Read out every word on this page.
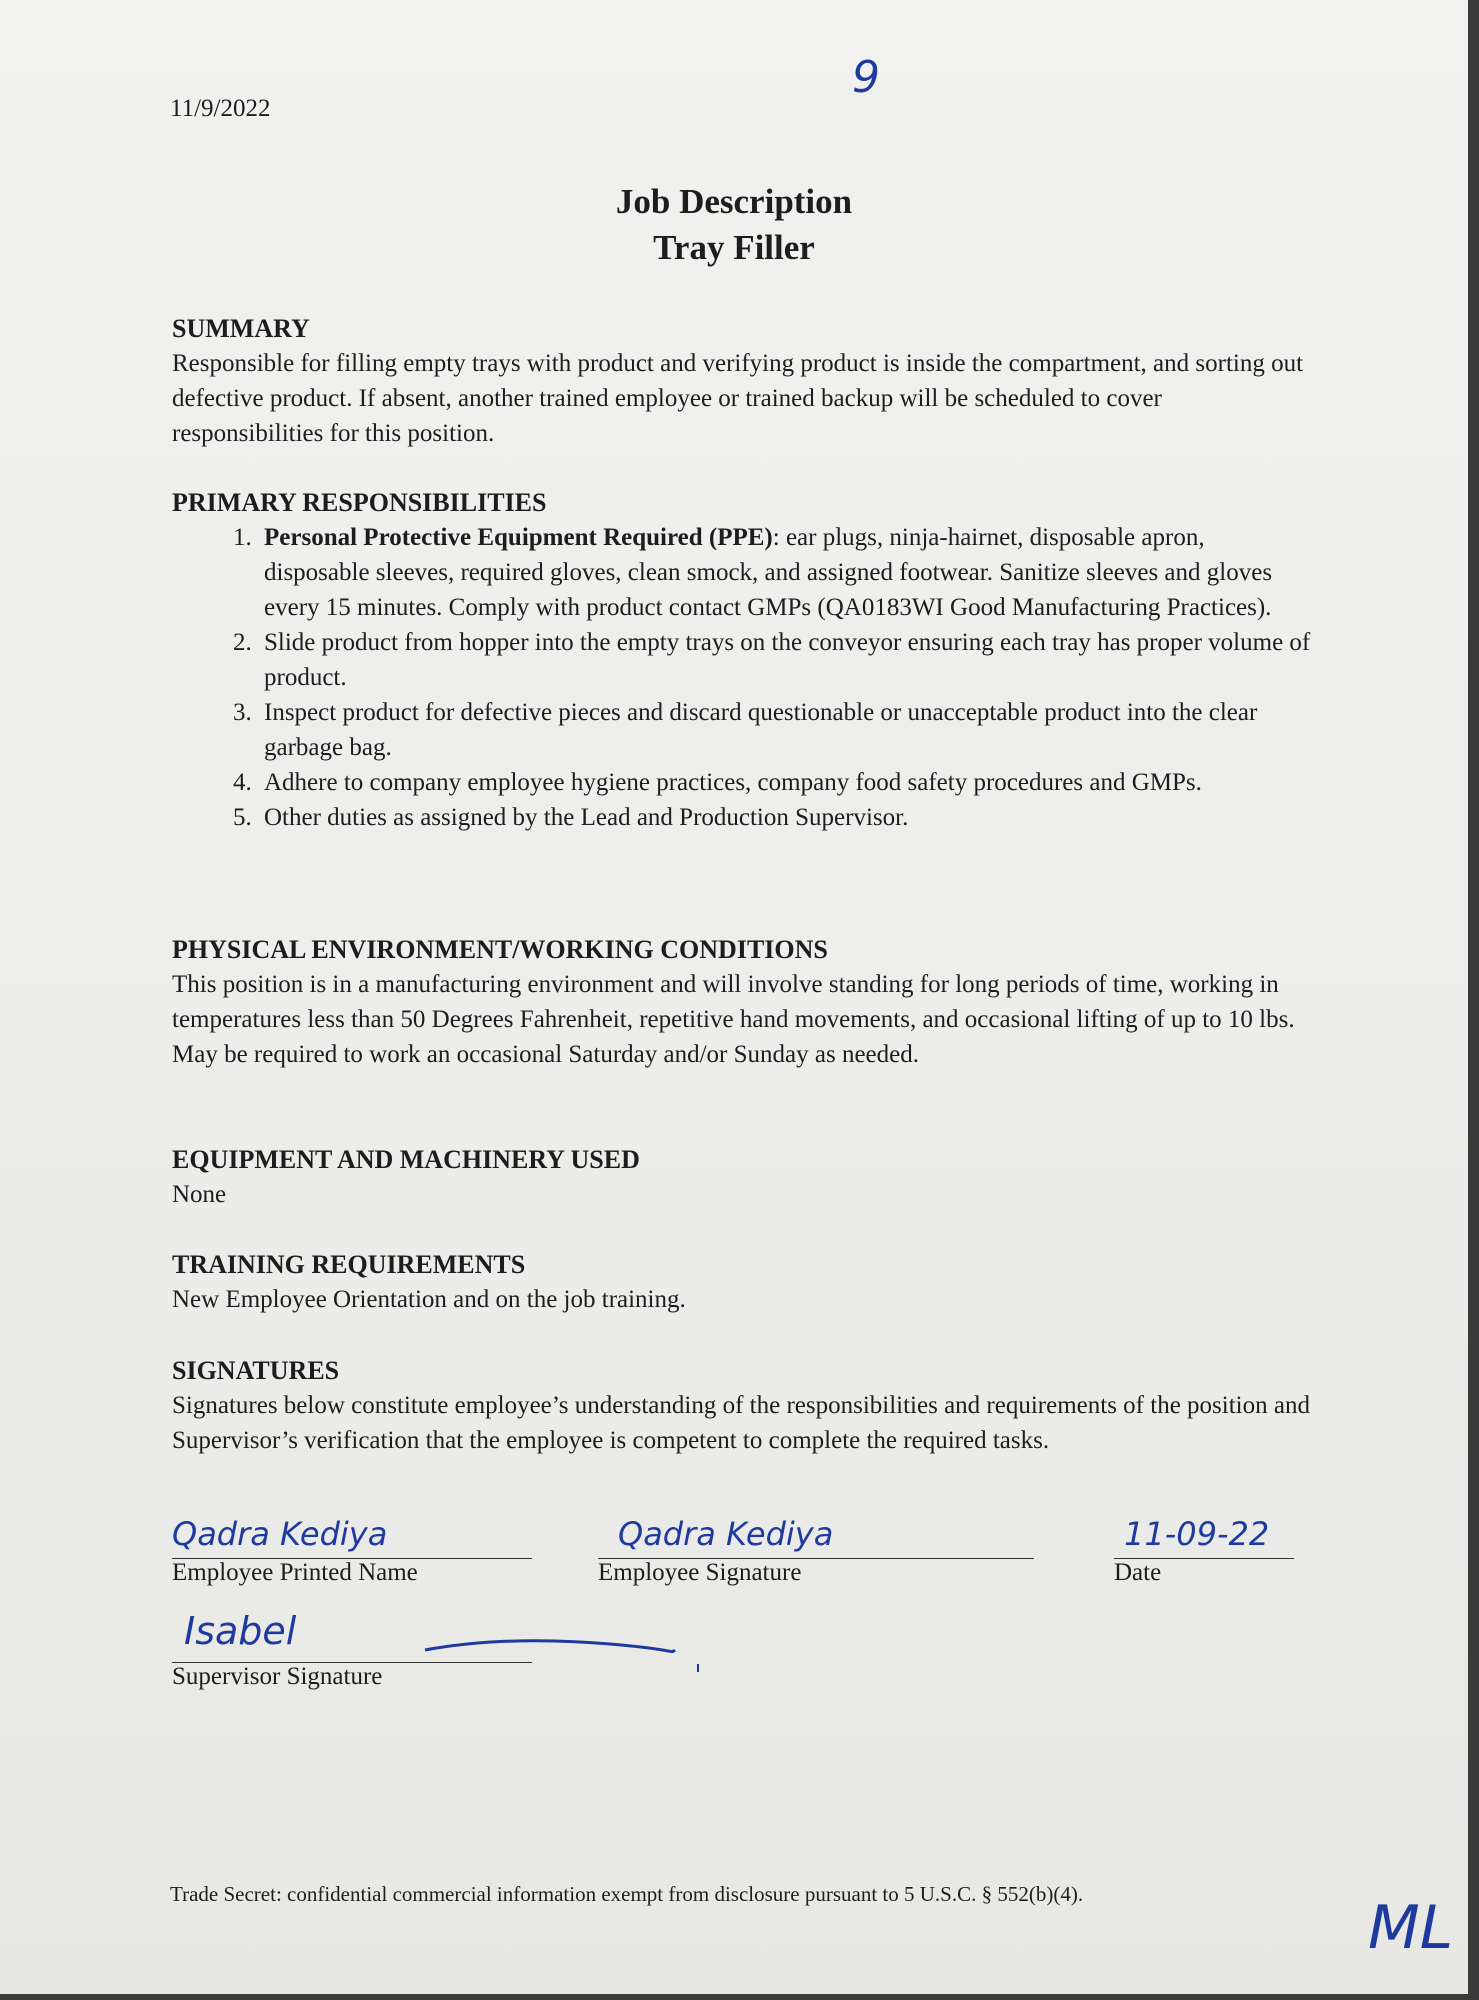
11/9/2022
9
Job Description
Tray Filler
SUMMARY
Responsible for filling empty trays with product and verifying product is inside the compartment, and sorting out defective product. If absent, another trained employee or trained backup will be scheduled to cover responsibilities for this position.
PRIMARY RESPONSIBILITIES
1. Personal Protective Equipment Required (PPE): ear plugs, ninja-hairnet, disposable apron, disposable sleeves, required gloves, clean smock, and assigned footwear. Sanitize sleeves and gloves every 15 minutes. Comply with product contact GMPs (QA0183WI Good Manufacturing Practices).
2. Slide product from hopper into the empty trays on the conveyor ensuring each tray has proper volume of product.
3. Inspect product for defective pieces and discard questionable or unacceptable product into the clear garbage bag.
4. Adhere to company employee hygiene practices, company food safety procedures and GMPs.
5. Other duties as assigned by the Lead and Production Supervisor.
PHYSICAL ENVIRONMENT/WORKING CONDITIONS
This position is in a manufacturing environment and will involve standing for long periods of time, working in temperatures less than 50 Degrees Fahrenheit, repetitive hand movements, and occasional lifting of up to 10 lbs. May be required to work an occasional Saturday and/or Sunday as needed.
EQUIPMENT AND MACHINERY USED
None
TRAINING REQUIREMENTS
New Employee Orientation and on the job training.
SIGNATURES
Signatures below constitute employee’s understanding of the responsibilities and requirements of the position and Supervisor’s verification that the employee is competent to complete the required tasks.
Qadra Kediya
Employee Printed Name
Qadra Kediya
Employee Signature
11-09-22
Date
Isabel
Supervisor Signature
Trade Secret: confidential commercial information exempt from disclosure pursuant to 5 U.S.C. § 552(b)(4).	ML
